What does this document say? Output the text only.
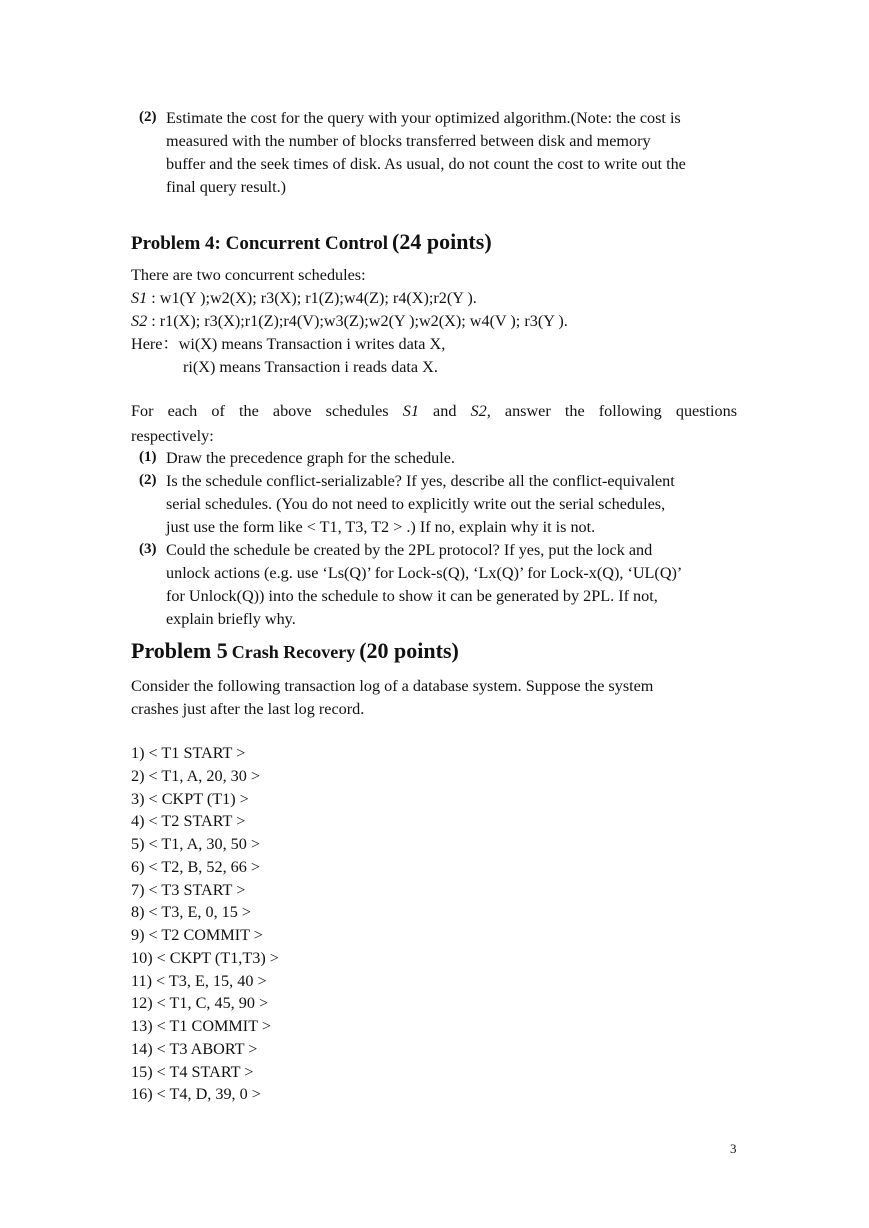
(2) Estimate the cost for the query with your optimized algorithm.(Note: the cost is
measured with the number of blocks transferred between disk and memory
buffer and the seek times of disk. As usual, do not count the cost to write out the
final query result.)
Problem 4: Concurrent Control (24 points)
There are two concurrent schedules:
S1 : w1(Y );w2(X); r3(X); r1(Z);w4(Z); r4(X);r2(Y ).
S2 : r1(X); r3(X);r1(Z);r4(V);w3(Z);w2(Y );w2(X); w4(V ); r3(Y ).
Here：wi(X) means Transaction i writes data X,
ri(X) means Transaction i reads data X.
For each of the above schedules S1 and S2, answer the following questions
respectively:
(1) Draw the precedence graph for the schedule.
(2) Is the schedule conflict-serializable? If yes, describe all the conflict-equivalent
serial schedules. (You do not need to explicitly write out the serial schedules,
just use the form like < T1, T3, T2 > .) If no, explain why it is not.
(3) Could the schedule be created by the 2PL protocol? If yes, put the lock and
unlock actions (e.g. use ‘Ls(Q)’ for Lock-s(Q), ‘Lx(Q)’ for Lock-x(Q), ‘UL(Q)’
for Unlock(Q)) into the schedule to show it can be generated by 2PL. If not,
explain briefly why.
Problem 5 Crash Recovery (20 points)
Consider the following transaction log of a database system. Suppose the system
crashes just after the last log record.
1) < T1 START >
2) < T1, A, 20, 30 >
3) < CKPT (T1) >
4) < T2 START >
5) < T1, A, 30, 50 >
6) < T2, B, 52, 66 >
7) < T3 START >
8) < T3, E, 0, 15 >
9) < T2 COMMIT >
10) < CKPT (T1,T3) >
11) < T3, E, 15, 40 >
12) < T1, C, 45, 90 >
13) < T1 COMMIT >
14) < T3 ABORT >
15) < T4 START >
16) < T4, D, 39, 0 >
3
